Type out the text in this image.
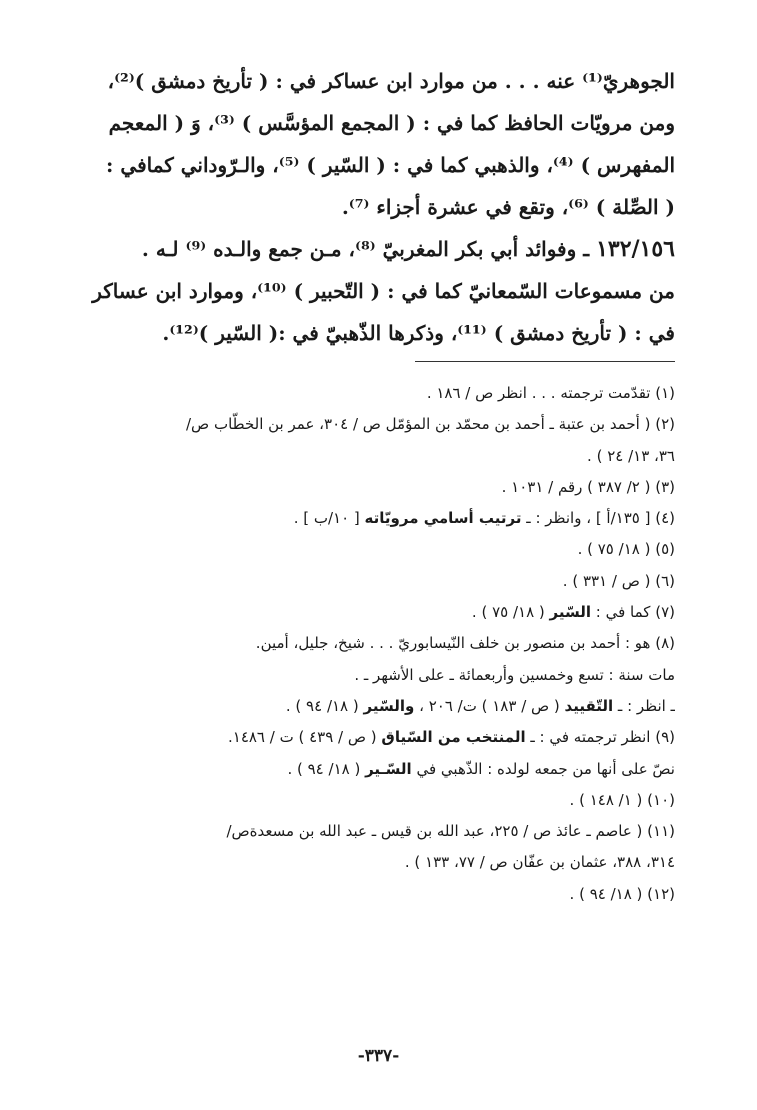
الجوهريّ⁽¹⁾ عنه . . . من موارد ابن عساكر في : ( تأريخ دمشق )⁽²⁾،

ومن مرويّات الحافظ كما في : ( المجمع المؤسَّس ) ⁽³⁾، وَ ( المعجم

المفهرس ) ⁽⁴⁾، والذهبي كما في : ( السّير ) ⁽⁵⁾، والـرّوداني كمافي :

( الصِّلة ) ⁽⁶⁾، وتقع في عشرة أجزاء ⁽⁷⁾.

١٣٢/١٥٦ ـ وفوائد أبي بكر المغربيّ ⁽⁸⁾، مـن جمع والـده ⁽⁹⁾ لـه .

من مسموعات السّمعانيّ كما في : ( التّحبير ) ⁽¹⁰⁾، وموارد ابن عساكر

في : ( تأريخ دمشق ) ⁽¹¹⁾، وذكرها الذّهبيّ في :( السّير )⁽¹²⁾.

(١) تقدّمت ترجمته . . . انظر ص / ١٨٦ .

(٢) ( أحمد بن عتبة ـ أحمد بن محمّد بن المؤمّل ص / ٣٠٤، عمر بن الخطّاب ص/

٣٦، ١٣/ ٢٤ ) .

(٣) ( ٢/ ٣٨٧ ) رقم / ١٠٣١ .

(٤) [ ١٣٥/أ ] ، وانظر : ـ ترتيب أسامي مرويّاته [ ١٠/ب ] .

(٥) ( ١٨/ ٧٥ ) .

(٦) ( ص / ٣٣١ ) .

(٧) كما في : السّير ( ١٨/ ٧٥ ) .

(٨) هو : أحمد بن منصور بن خلف النّيسابوريّ . . . شيخ، جليل، أمين.

مات سنة : تسع وخمسين وأربعمائة ـ على الأشهر ـ .

ـ انظر : ـ التّقييد ( ص / ١٨٣ ) ت/ ٢٠٦ ، والسّير ( ١٨/ ٩٤ ) .

(٩) انظر ترجمته في : ـ المنتخب من السّياق ( ص / ٤٣٩ ) ت / ١٤٨٦.

نصّ على أنها من جمعه لولده : الذّهبي في السّـير ( ١٨/ ٩٤ ) .

(١٠) ( ١/ ١٤٨ ) .

(١١) ( عاصم ـ عائذ ص / ٢٢٥، عبد الله بن قيس ـ عبد الله بن مسعدةص/

٣١٤، ٣٨٨، عثمان بن عفّان ص / ٧٧، ١٣٣ ) .

(١٢) ( ١٨/ ٩٤ ) .

-٣٣٧-
